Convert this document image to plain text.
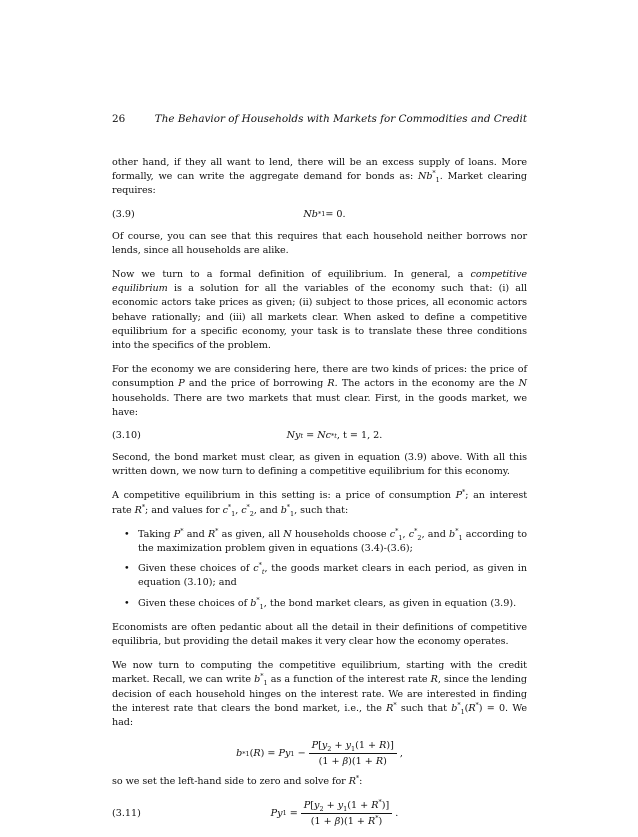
26	The Behavior of Households with Markets for Commodities and Credit

other hand, if they all want to lend, there will be an excess supply of loans. More formally, we can write the aggregate demand for bonds as: $Nb^*_1$. Market clearing requires:

(3.9)	Nb * 1 = 0.

Of course, you can see that this requires that each household neither borrows nor lends, since all households are alike.

Now we turn to a formal definition of equilibrium. In general, a competitive equilibrium is a solution for all the variables of the economy such that: (i) all economic actors take prices as given; (ii) subject to those prices, all economic actors behave rationally; and (iii) all markets clear. When asked to define a competitive equilibrium for a specific economy, your task is to translate these three conditions into the specifics of the problem.

For the economy we are considering here, there are two kinds of prices: the price of consumption P and the price of borrowing R. The actors in the economy are the N households. There are two markets that must clear. First, in the goods market, we have:

(3.10)	Ny t = Nc * t , t = 1, 2.

Second, the bond market must clear, as given in equation (3.9) above. With all this written down, we now turn to defining a competitive equilibrium for this economy.

A competitive equilibrium in this setting is: a price of consumption P*; an interest rate R*; and values for $c^*_1$, $c^*_2$, and $b^*_1$, such that:

• Taking P* and R* as given, all N households choose $c^*_1$, $c^*_2$, and $b^*_1$ according to the maximization problem given in equations (3.4)-(3.6);
• Given these choices of $c^*_t$, the goods market clears in each period, as given in equation (3.10); and
• Given these choices of $b^*_1$, the bond market clears, as given in equation (3.9).

Economists are often pedantic about all the detail in their definitions of competitive equilibria, but providing the detail makes it very clear how the economy operates.

We now turn to computing the competitive equilibrium, starting with the credit market. Recall, we can write $b^*_1$ as a function of the interest rate R, since the lending decision of each household hinges on the interest rate. We are interested in finding the interest rate that clears the bond market, i.e., the R* such that $b^*_1(R^*) = 0$. We had:

b * 1 ( R ) = Py $1 - \frac{P[y_2 + y_1(1 + R)]}{(1 + \beta)(1 + R)}$ ,

so we set the left-hand side to zero and solve for R*:

(3.11)	Py $1 = \frac{P[y_2 + y_1(1 + R^*)]}{(1 + \beta)(1 + R^*)}$ .
